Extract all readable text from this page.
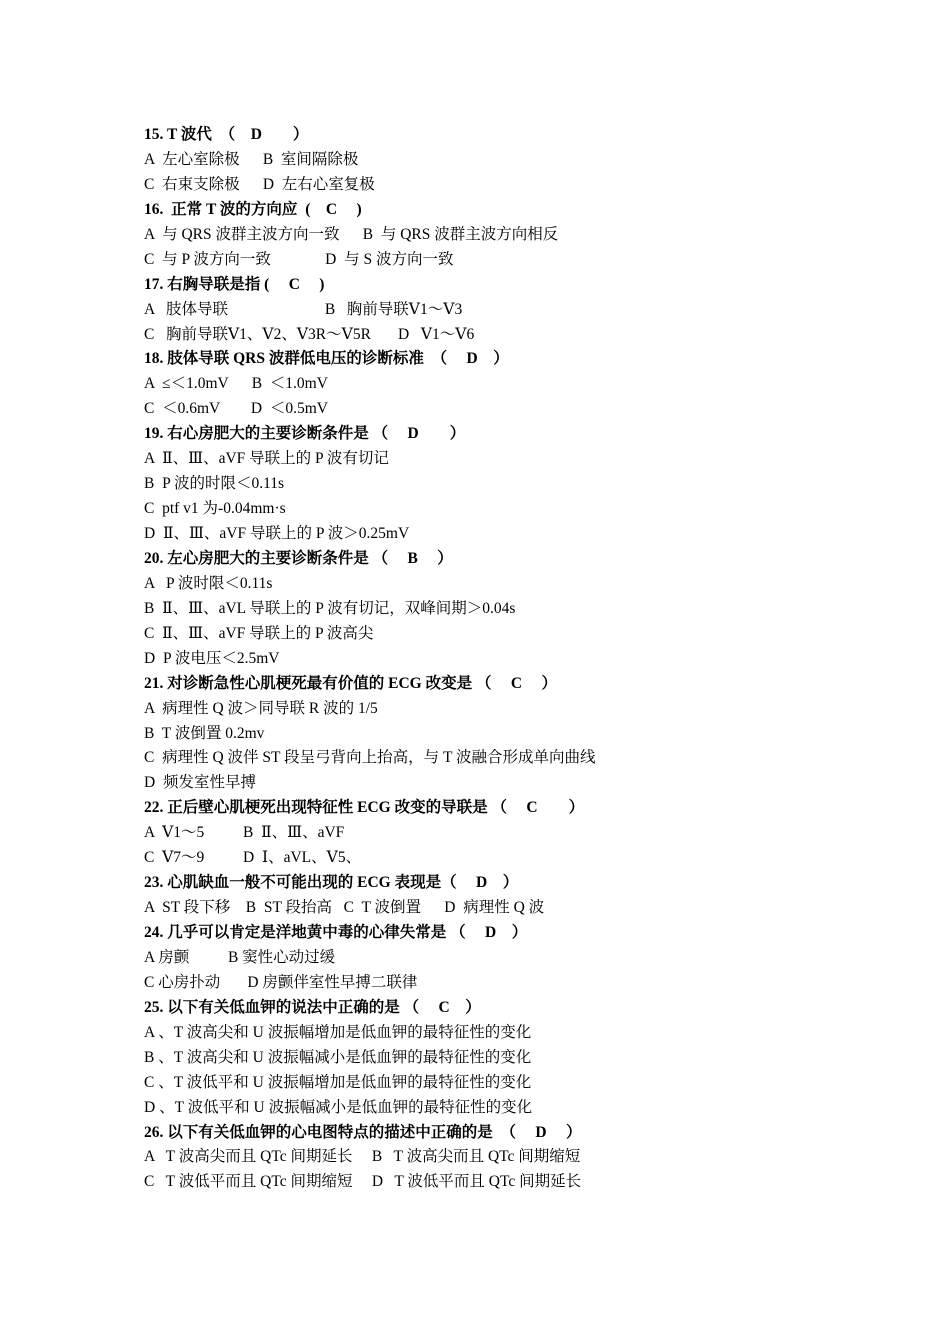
15. T 波代　（　D　　）
A  左心室除极      B  室间隔除极
C  右束支除极      D  左右心室复极
16.  正常 T 波的方向应  (　C　 )
A  与 QRS 波群主波方向一致      B  与 QRS 波群主波方向相反
C  与 P 波方向一致              D  与 S 波方向一致
17. 右胸导联是指 (　 C　 )
A   肢体导联                         B   胸前导联Ⅴ1～Ⅴ3
C   胸前导联Ⅴ1、Ⅴ2、Ⅴ3R～Ⅴ5R       D   Ⅴ1～Ⅴ6
18. 肢体导联 QRS 波群低电压的诊断标准　（　 D　）
A  ≤＜1.0mV      B  ＜1.0mV
C  ＜0.6mV        D  ＜0.5mV
19. 右心房肥大的主要诊断条件是 （　 D　　）
A  Ⅱ、Ⅲ、aVF 导联上的 P 波有切记
B  P 波的时限＜0.11s
C  ptf v1 为-0.04mm·s
D  Ⅱ、Ⅲ、aVF 导联上的 P 波＞0.25mV
20. 左心房肥大的主要诊断条件是 （　 B　 ）
A   P 波时限＜0.11s
B  Ⅱ、Ⅲ、aVL 导联上的 P 波有切记，双峰间期＞0.04s
C  Ⅱ、Ⅲ、aVF 导联上的 P 波高尖
D  P 波电压＜2.5mV
21. 对诊断急性心肌梗死最有价值的 ECG 改变是 （　 C　 ）
A  病理性 Q 波＞同导联 R 波的 1/5
B  T 波倒置 0.2mv
C  病理性 Q 波伴 ST 段呈弓背向上抬高，与 T 波融合形成单向曲线
D  频发室性早搏
22. 正后壁心肌梗死出现特征性 ECG 改变的导联是 （　 C　　）
A  Ⅴ1～5          B  Ⅱ、Ⅲ、aVF
C  Ⅴ7～9          D  Ⅰ、aVL、Ⅴ5、
23. 心肌缺血一般不可能出现的 ECG 表现是（　 D　）
A  ST 段下移    B  ST 段抬高   C  T 波倒置      D  病理性 Q 波
24. 几乎可以肯定是洋地黄中毒的心律失常是 （　 D　）
A 房颤          B 窦性心动过缓
C 心房扑动       D 房颤伴室性早搏二联律
25. 以下有关低血钾的说法中正确的是 （　 C　）
A 、T 波高尖和 U 波振幅增加是低血钾的最特征性的变化
B 、T 波高尖和 U 波振幅减小是低血钾的最特征性的变化
C 、T 波低平和 U 波振幅增加是低血钾的最特征性的变化
D 、T 波低平和 U 波振幅减小是低血钾的最特征性的变化
26. 以下有关低血钾的心电图特点的描述中正确的是　（　 D　 ）
A   T 波高尖而且 QTc 间期延长     B   T 波高尖而且 QTc 间期缩短
C   T 波低平而且 QTc 间期缩短     D   T 波低平而且 QTc 间期延长
